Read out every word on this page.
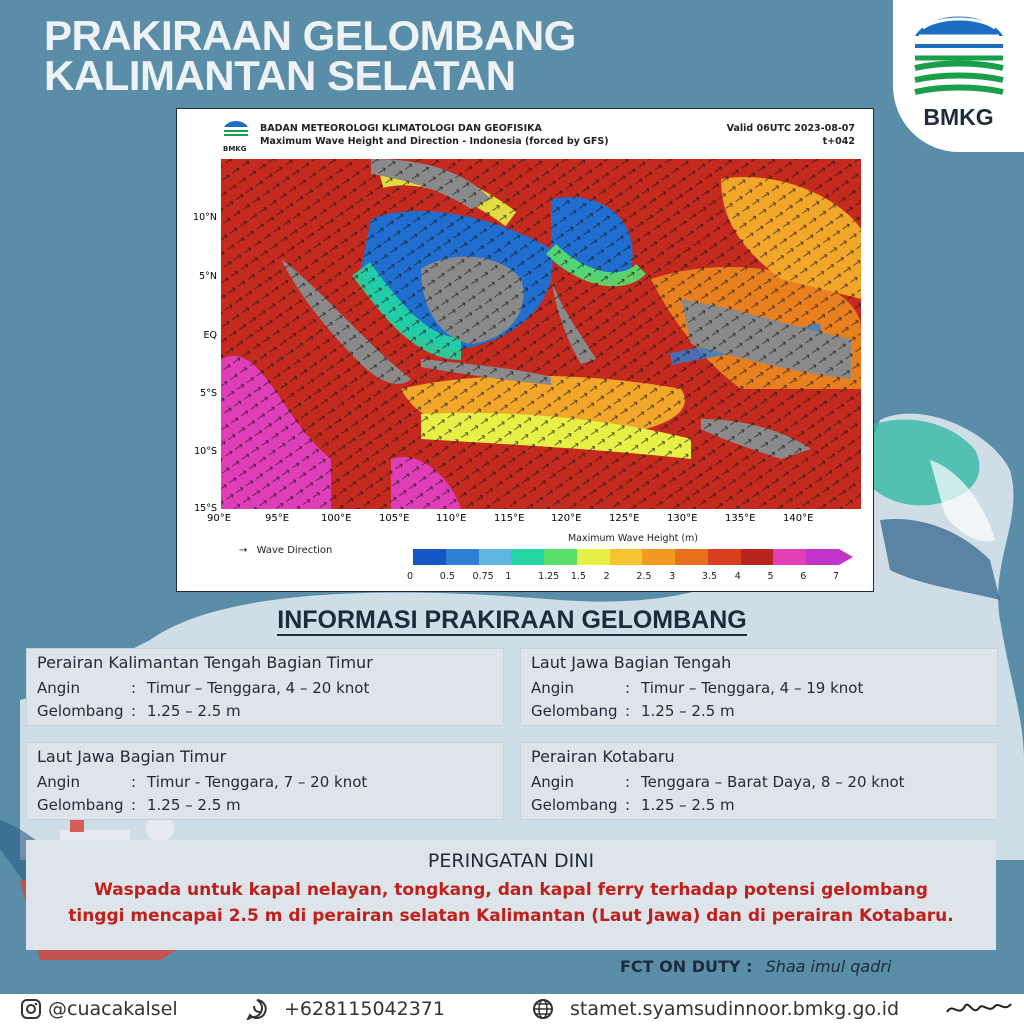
PRAKIRAAN GELOMBANG
KALIMANTAN SELATAN
BMKG
BMKG
BADAN METEOROLOGI KLIMATOLOGI DAN GEOFISIKA
Maximum Wave Height and Direction - Indonesia (forced by GFS)
Valid 06UTC 2023-08-07
t+042
10°N
5°N
EQ
5°S
10°S
15°S
90°E	95°E	100°E	105°E	110°E	115°E	120°E	125°E	130°E	135°E	140°E
→ Wave Direction
Maximum Wave Height (m)
0	0.5 0.75 1	1.25 1.5 2	2.5 3	3.5 4	5	6	7
INFORMASI PRAKIRAAN GELOMBANG
Perairan Kalimantan Tengah Bagian Timur
Angin	: Timur – Tenggara, 4 – 20 knot
Gelombang : 1.25 – 2.5 m
Laut Jawa Bagian Tengah
Angin	: Timur – Tenggara, 4 – 19 knot
Gelombang : 1.25 – 2.5 m
Laut Jawa Bagian Timur
Angin	: Timur - Tenggara, 7 – 20 knot
Gelombang : 1.25 – 2.5 m
Perairan Kotabaru
Angin	: Tenggara – Barat Daya, 8 – 20 knot
Gelombang : 1.25 – 2.5 m
PERINGATAN DINI
Waspada untuk kapal nelayan, tongkang, dan kapal ferry terhadap potensi gelombang
tinggi mencapai 2.5 m di perairan selatan Kalimantan (Laut Jawa) dan di perairan Kotabaru.
FCT ON DUTY : Shaa imul qadri
@cuacakalsel	+628115042371	stamet.syamsudinnoor.bmkg.go.id
